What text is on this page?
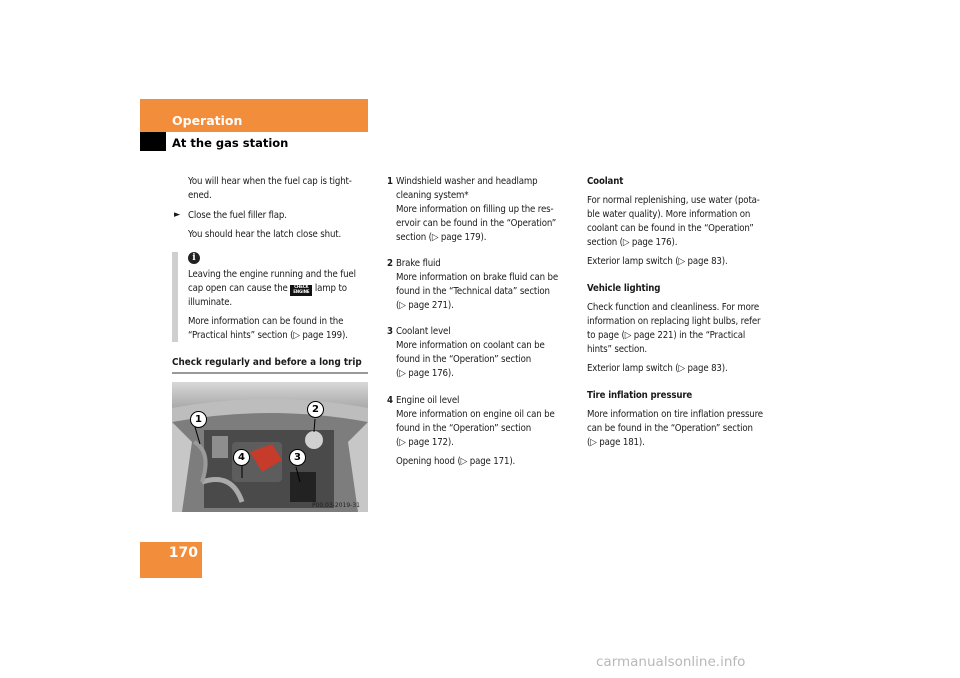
Operation
At the gas station
You will hear when the fuel cap is tight-
ened.
► Close the fuel filler flap.
You should hear the latch close shut.
i
Leaving the engine running and the fuel
cap open can cause the CHECK ENGINE lamp to
illuminate.
More information can be found in the
“Practical hints” section (▷ page 199).
Check regularly and before a long trip
1
2
3
4
P00.03-2019-31
1 Windshield washer and headlamp
cleaning system*
More information on filling up the res-
ervoir can be found in the “Operation”
section (▷ page 179).
2 Brake fluid
More information on brake fluid can be
found in the “Technical data” section
(▷ page 271).
3 Coolant level
More information on coolant can be
found in the “Operation” section
(▷ page 176).
4 Engine oil level
More information on engine oil can be
found in the “Operation” section
(▷ page 172).
Opening hood (▷ page 171).
Coolant
For normal replenishing, use water (pota-
ble water quality). More information on
coolant can be found in the “Operation”
section (▷ page 176).
Exterior lamp switch (▷ page 83).
Vehicle lighting
Check function and cleanliness. For more
information on replacing light bulbs, refer
to page (▷ page 221) in the “Practical
hints” section.
Exterior lamp switch (▷ page 83).
Tire inflation pressure
More information on tire inflation pressure
can be found in the “Operation” section
(▷ page 181).
170
carmanualsonline.info
